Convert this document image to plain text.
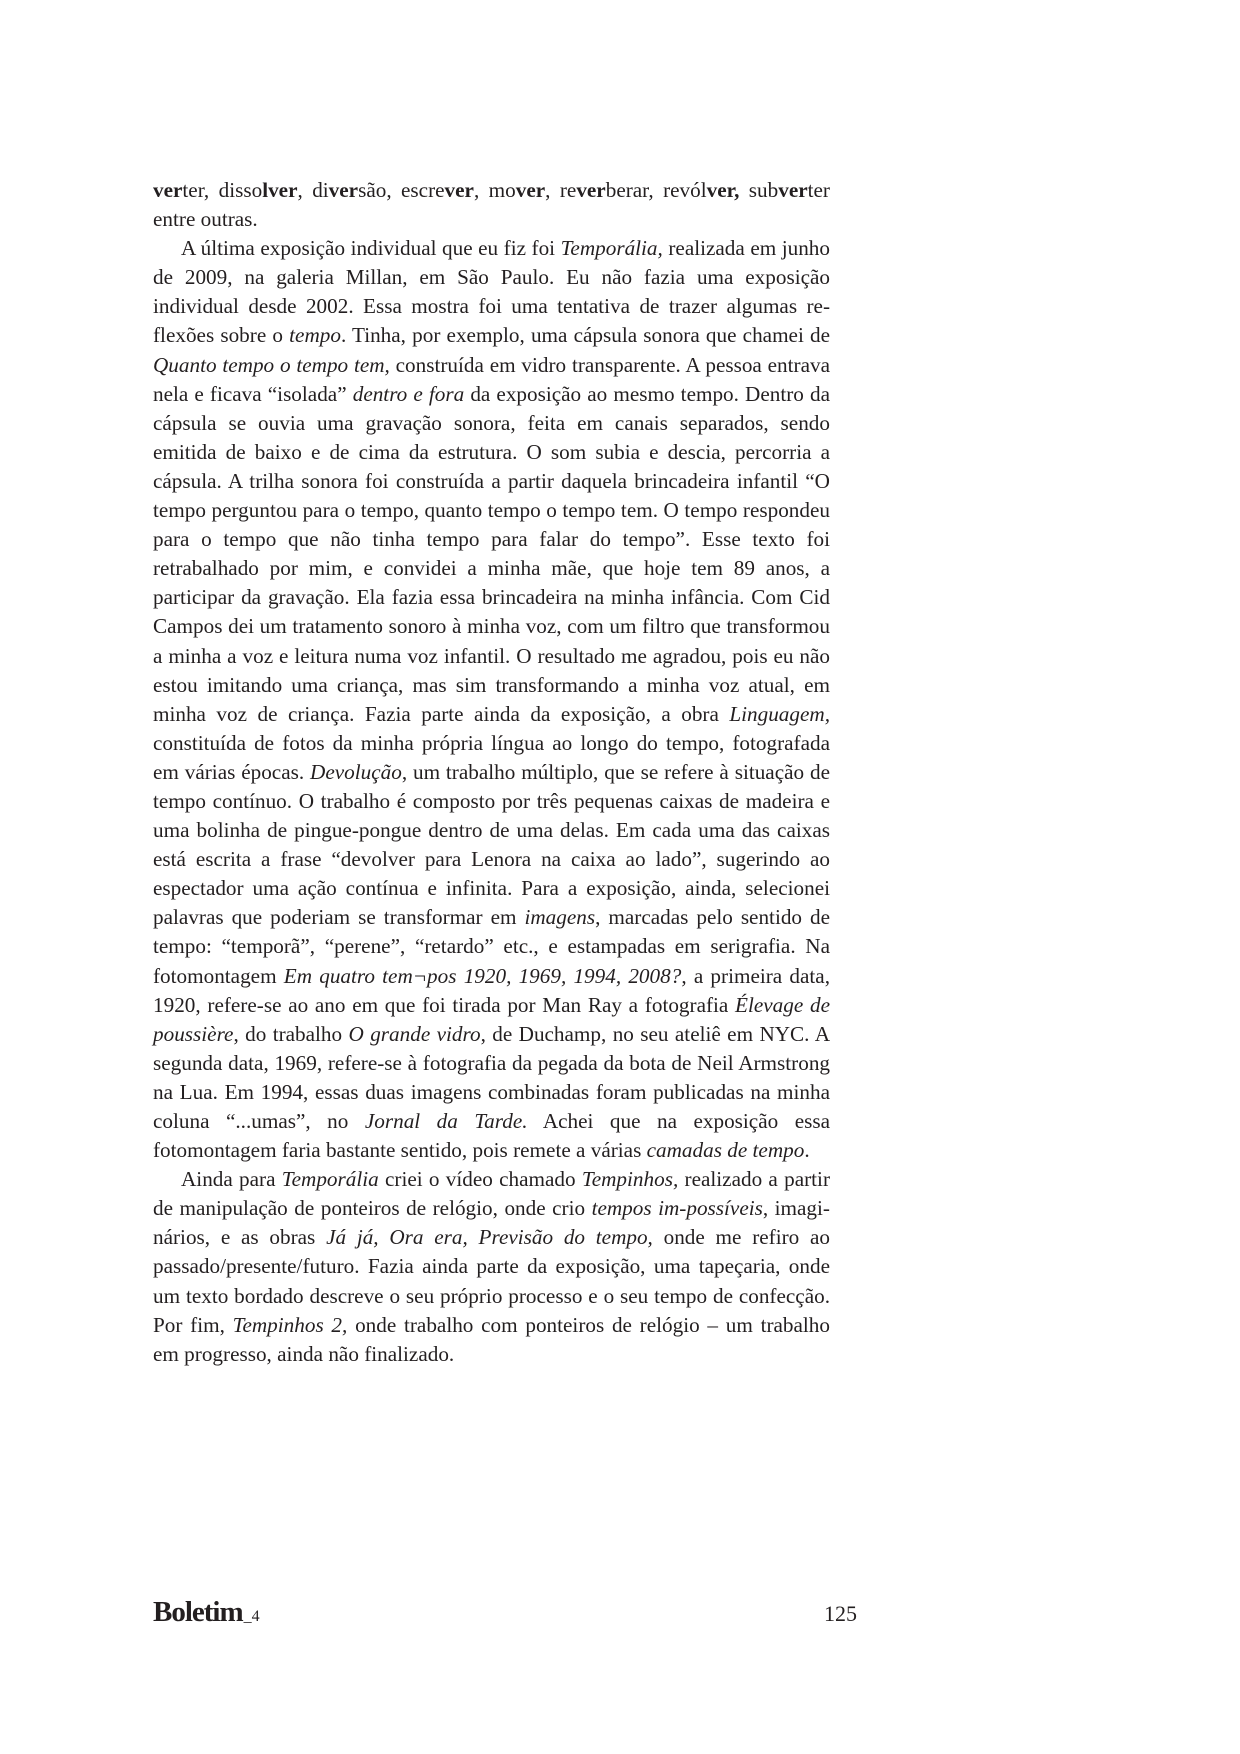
verter, dissolver, diversão, escrever, mover, reverberar, revólver, subverter entre outras.

A última exposição individual que eu fiz foi Temporália, realizada em junho de 2009, na galeria Millan, em São Paulo. Eu não fazia uma exposição individual desde 2002. Essa mostra foi uma tentativa de trazer algumas reflexões sobre o tempo. Tinha, por exemplo, uma cápsula sonora que chamei de Quanto tempo o tempo tem, construída em vidro transparente. A pessoa entrava nela e ficava “isolada” dentro e fora da exposição ao mesmo tempo. Dentro da cápsula se ouvia uma gravação sonora, feita em canais separados, sendo emitida de baixo e de cima da estrutura. O som subia e descia, percorria a cápsula. A trilha sonora foi construída a partir daquela brincadeira infantil “O tempo perguntou para o tempo, quanto tempo o tempo tem. O tempo respondeu para o tempo que não tinha tempo para falar do tempo”. Esse texto foi retrabalhado por mim, e convidei a minha mãe, que hoje tem 89 anos, a participar da gravação. Ela fazia essa brincadeira na minha infância. Com Cid Campos dei um tratamento sonoro à minha voz, com um filtro que transformou a minha a voz e leitura numa voz infantil. O resultado me agradou, pois eu não estou imitando uma criança, mas sim transformando a minha voz atual, em minha voz de criança. Fazia parte ainda da exposição, a obra Linguagem, constituída de fotos da minha própria língua ao longo do tempo, fotografada em várias épocas. Devolução, um trabalho múltiplo, que se refere à situação de tempo contínuo. O trabalho é composto por três pequenas caixas de madeira e uma bolinha de pingue-pongue dentro de uma delas. Em cada uma das caixas está escrita a frase “devolver para Lenora na caixa ao lado”, sugerindo ao espectador uma ação contínua e infinita. Para a exposição, ainda, selecionei palavras que poderiam se transformar em imagens, marcadas pelo sentido de tempo: “temporã”, “perene”, “retardo” etc., e estampadas em serigrafia. Na fotomontagem Em quatro tem¬pos 1920, 1969, 1994, 2008?, a primeira data, 1920, refere-se ao ano em que foi tirada por Man Ray a fotografia Élevage de poussière, do trabalho O grande vidro, de Duchamp, no seu ateliê em NYC. A segunda data, 1969, refere-se à fotografia da pegada da bota de Neil Armstrong na Lua. Em 1994, essas duas imagens combinadas foram publicadas na minha coluna “...umas”, no Jornal da Tarde. Achei que na exposição essa fotomontagem faria bastante sentido, pois remete a várias camadas de tempo.

Ainda para Temporália criei o vídeo chamado Tempinhos, realizado a partir de manipulação de ponteiros de relógio, onde crio tempos im-possíveis, imaginários, e as obras Já já, Ora era, Previsão do tempo, onde me refiro ao passado/presente/futuro. Fazia ainda parte da exposição, uma tapeçaria, onde um texto bordado descreve o seu próprio processo e o seu tempo de confecção. Por fim, Tempinhos 2, onde trabalho com ponteiros de relógio – um trabalho em progresso, ainda não finalizado.

Boletim_4	125
